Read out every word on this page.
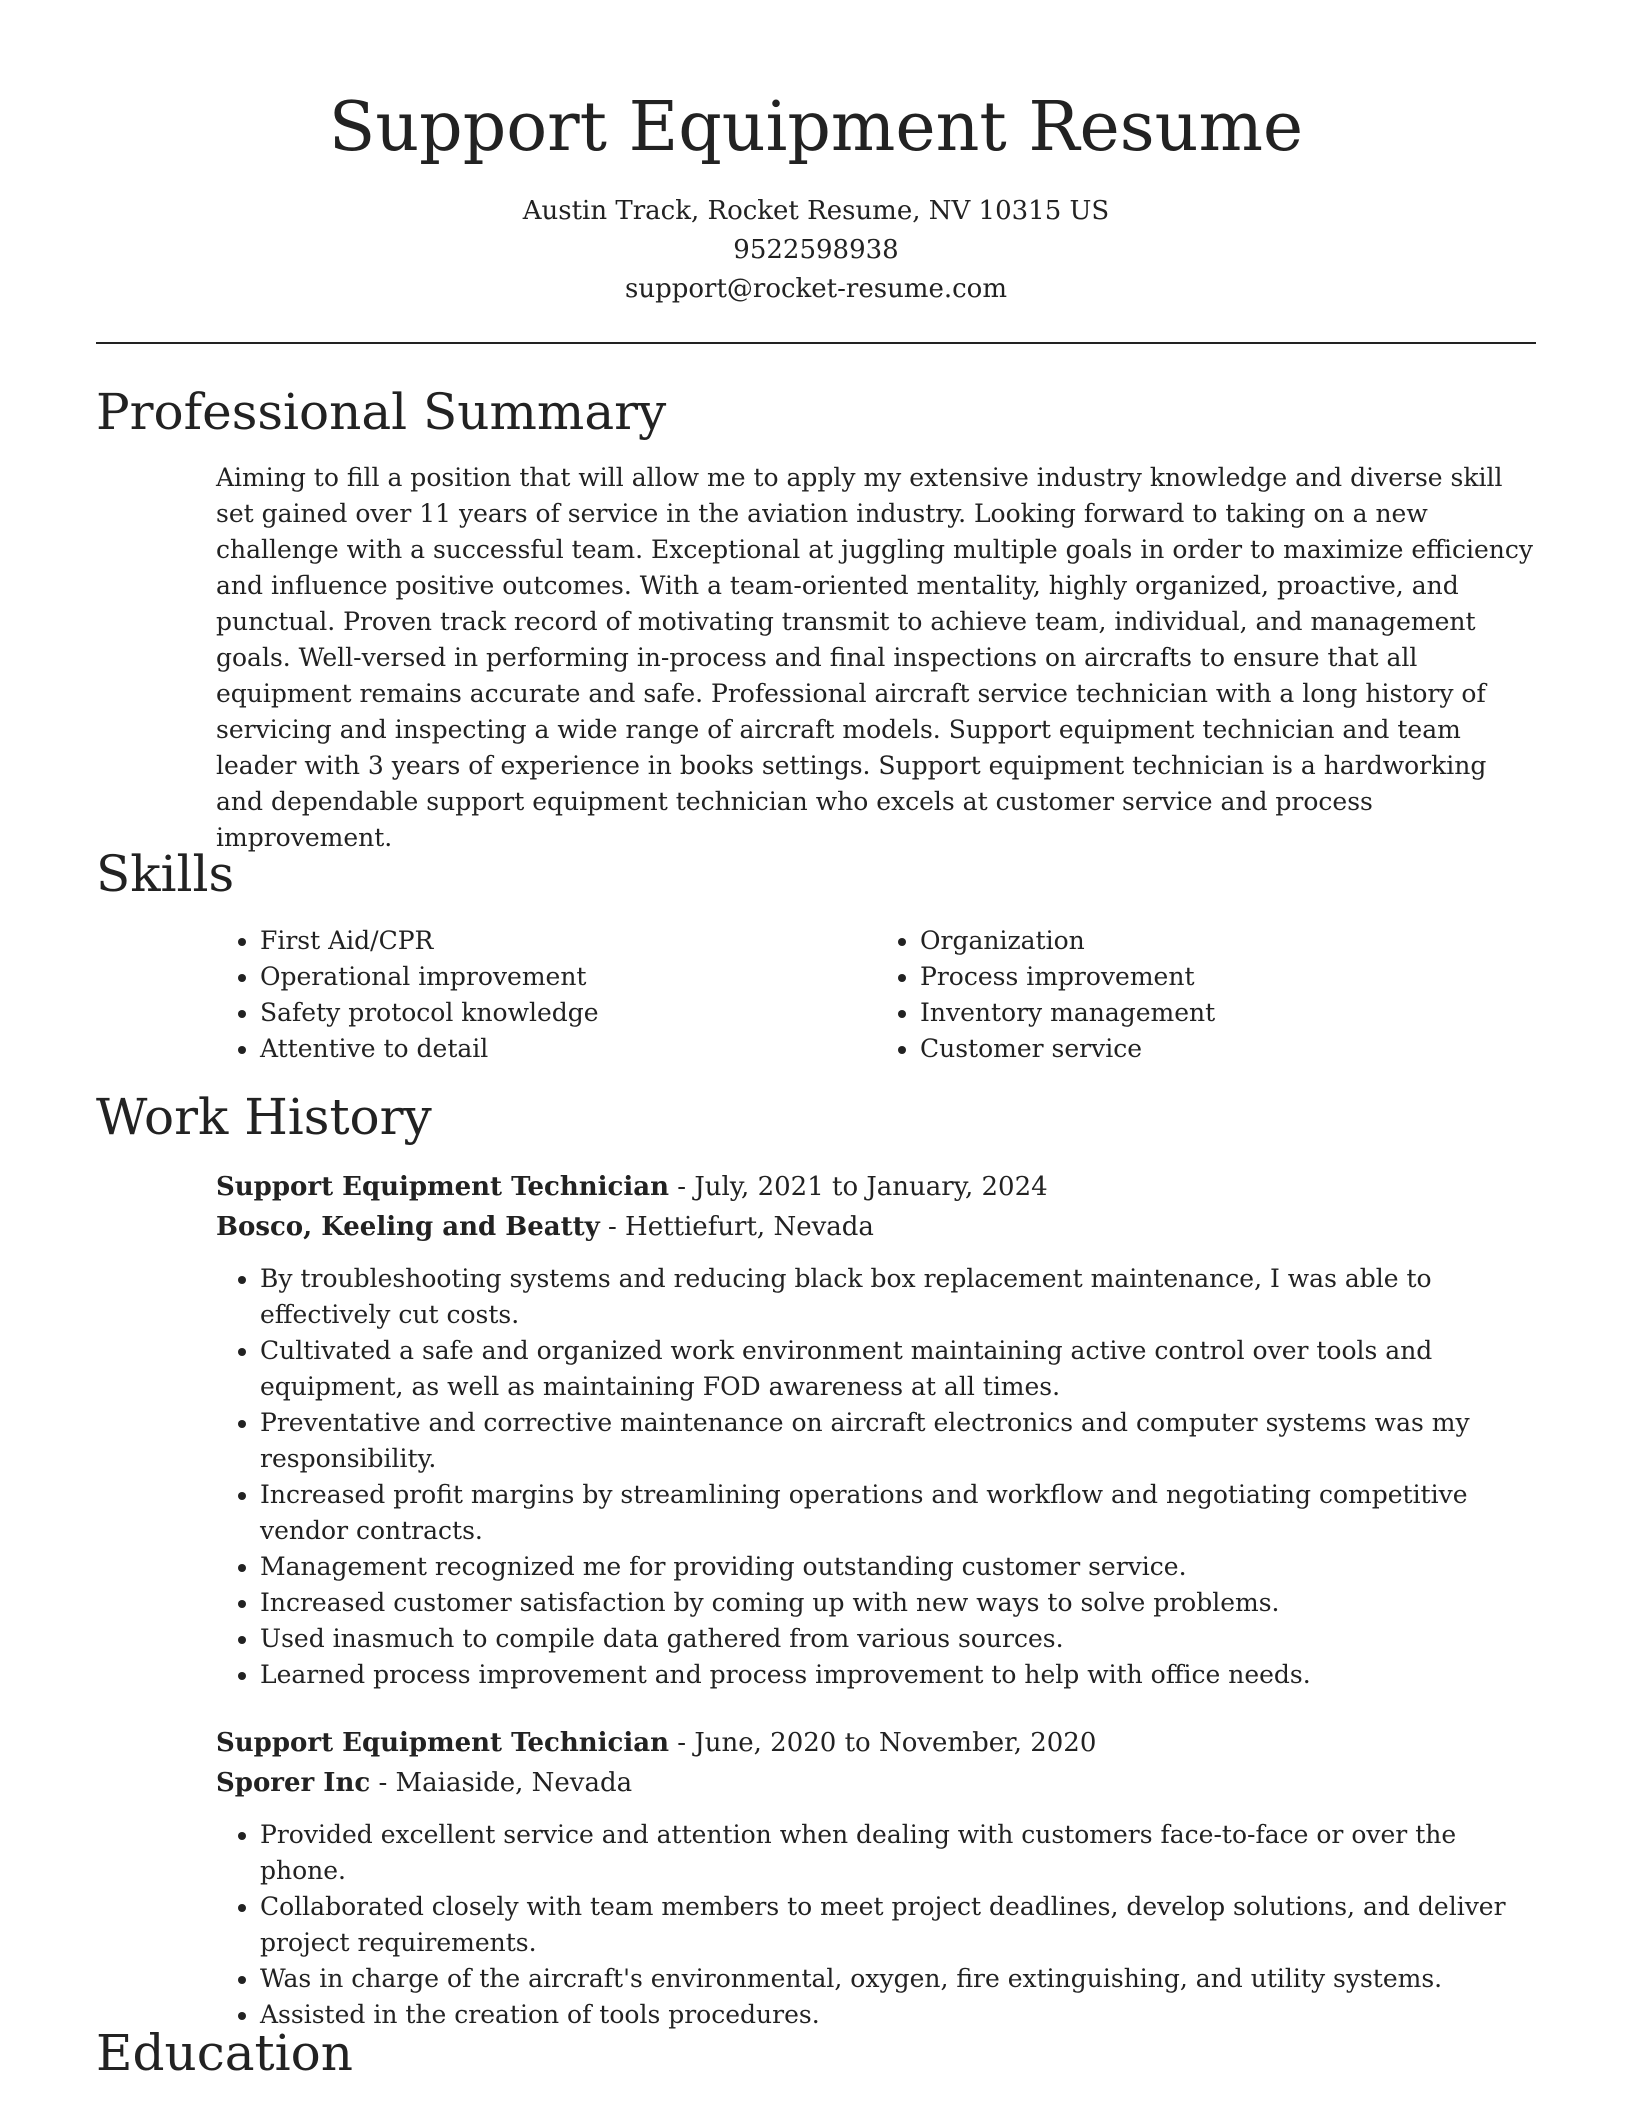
Support Equipment Resume
Austin Track, Rocket Resume, NV 10315 US
9522598938
support@rocket-resume.com
Professional Summary

Aiming to fill a position that will allow me to apply my extensive industry knowledge and diverse skill set gained over 11 years of service in the aviation industry. Looking forward to taking on a new challenge with a successful team. Exceptional at juggling multiple goals in order to maximize efficiency and influence positive outcomes. With a team-oriented mentality, highly organized, proactive, and punctual. Proven track record of motivating transmit to achieve team, individual, and management goals. Well-versed in performing in-process and final inspections on aircrafts to ensure that all equipment remains accurate and safe. Professional aircraft service technician with a long history of servicing and inspecting a wide range of aircraft models. Support equipment technician and team leader with 3 years of experience in books settings. Support equipment technician is a hardworking and dependable support equipment technician who excels at customer service and process improvement.

Skills
• First Aid/CPR
• Operational improvement
• Safety protocol knowledge
• Attentive to detail
• Organization
• Process improvement
• Inventory management
• Customer service
Work History

Support Equipment Technician - July, 2021 to January, 2024

Bosco, Keeling and Beatty - Hettiefurt, Nevada

• By troubleshooting systems and reducing black box replacement maintenance, I was able to effectively cut costs.
• Cultivated a safe and organized work environment maintaining active control over tools and equipment, as well as maintaining FOD awareness at all times.
• Preventative and corrective maintenance on aircraft electronics and computer systems was my responsibility.
• Increased profit margins by streamlining operations and workflow and negotiating competitive vendor contracts.
• Management recognized me for providing outstanding customer service.
• Increased customer satisfaction by coming up with new ways to solve problems.
• Used inasmuch to compile data gathered from various sources.
• Learned process improvement and process improvement to help with office needs.

Support Equipment Technician - June, 2020 to November, 2020

Sporer Inc - Maiaside, Nevada

• Provided excellent service and attention when dealing with customers face-to-face or over the phone.
• Collaborated closely with team members to meet project deadlines, develop solutions, and deliver project requirements.
• Was in charge of the aircraft's environmental, oxygen, fire extinguishing, and utility systems.
• Assisted in the creation of tools procedures.
Education
